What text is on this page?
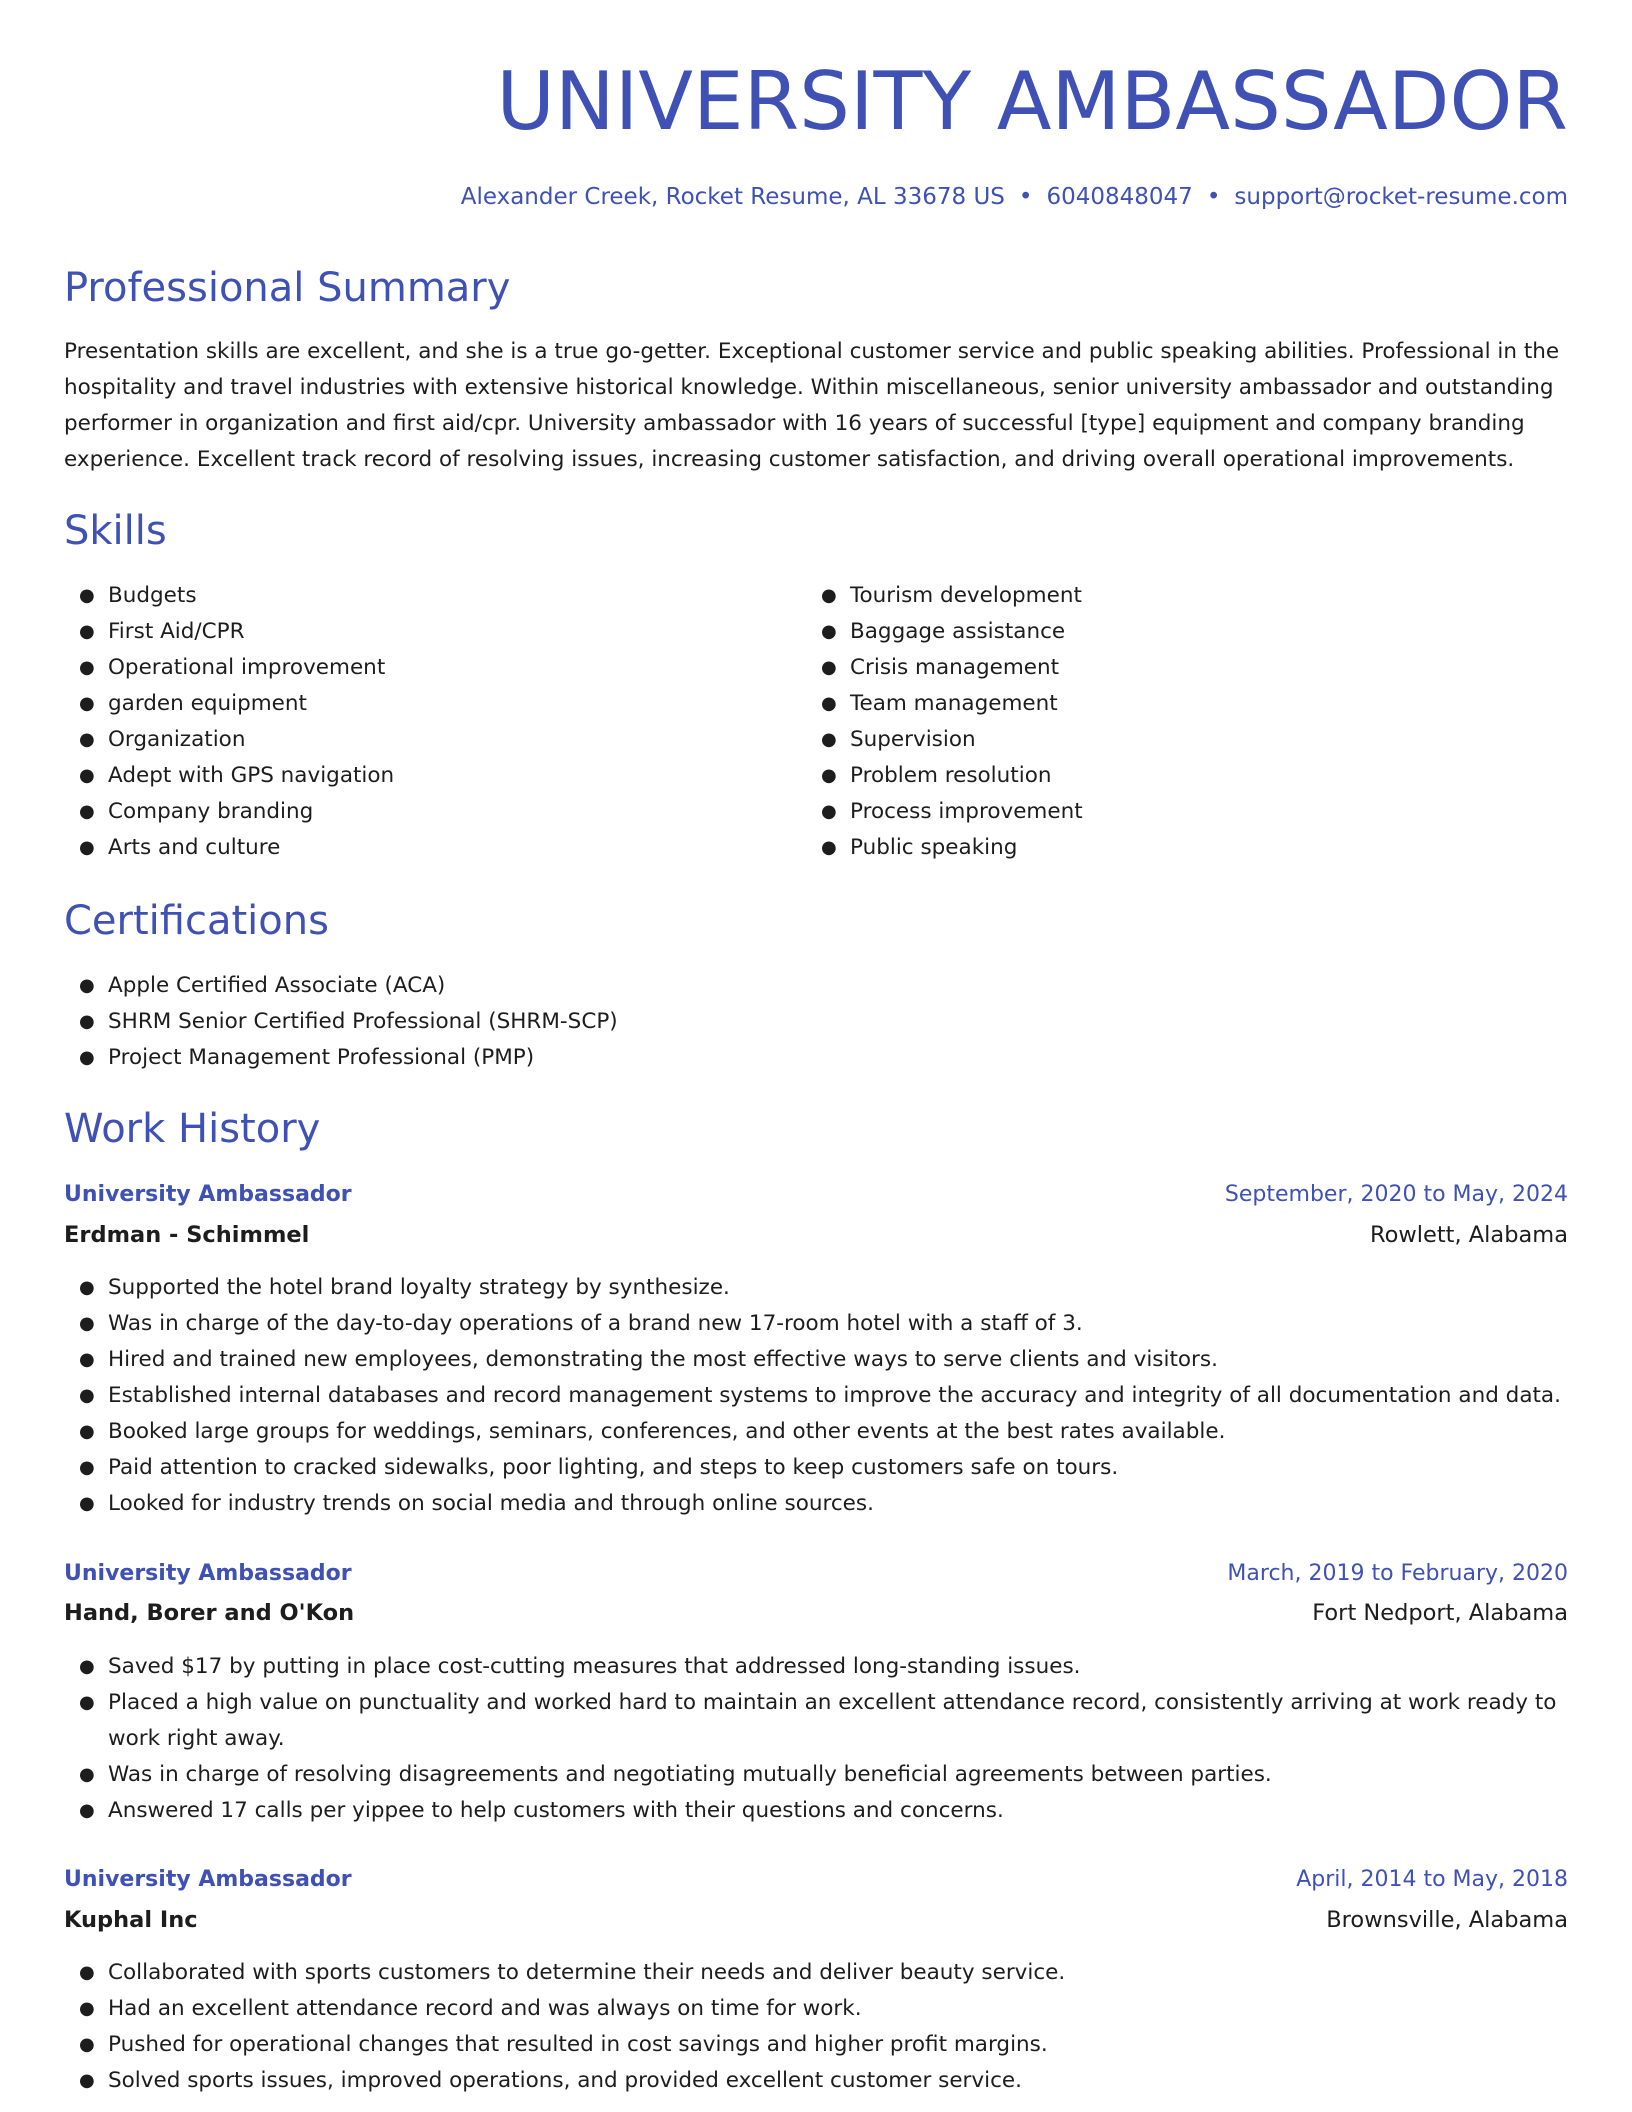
UNIVERSITY AMBASSADOR
Alexander Creek, Rocket Resume, AL 33678 US • 6040848047 • support@rocket-resume.com
Professional Summary

Presentation skills are excellent, and she is a true go-getter. Exceptional customer service and public speaking abilities. Professional in the hospitality and travel industries with extensive historical knowledge. Within miscellaneous, senior university ambassador and outstanding performer in organization and first aid/cpr. University ambassador with 16 years of successful [type] equipment and company branding experience. Excellent track record of resolving issues, increasing customer satisfaction, and driving overall operational improvements.

Skills
● Budgets
● First Aid/CPR
● Operational improvement
● garden equipment
● Organization
● Adept with GPS navigation
● Company branding
● Arts and culture
● Tourism development
● Baggage assistance
● Crisis management
● Team management
● Supervision
● Problem resolution
● Process improvement
● Public speaking
Certifications
● Apple Certified Associate (ACA)
● SHRM Senior Certified Professional (SHRM-SCP)
● Project Management Professional (PMP)
Work History
University Ambassador	September, 2020 to May, 2024
Erdman - Schimmel	Rowlett, Alabama
● Supported the hotel brand loyalty strategy by synthesize.
● Was in charge of the day-to-day operations of a brand new 17-room hotel with a staff of 3.
● Hired and trained new employees, demonstrating the most effective ways to serve clients and visitors.
● Established internal databases and record management systems to improve the accuracy and integrity of all documentation and data.
● Booked large groups for weddings, seminars, conferences, and other events at the best rates available.
● Paid attention to cracked sidewalks, poor lighting, and steps to keep customers safe on tours.
● Looked for industry trends on social media and through online sources.
University Ambassador	March, 2019 to February, 2020
Hand, Borer and O'Kon	Fort Nedport, Alabama
● Saved $17 by putting in place cost-cutting measures that addressed long-standing issues.
● Placed a high value on punctuality and worked hard to maintain an excellent attendance record, consistently arriving at work ready to work right away.
● Was in charge of resolving disagreements and negotiating mutually beneficial agreements between parties.
● Answered 17 calls per yippee to help customers with their questions and concerns.
University Ambassador	April, 2014 to May, 2018
Kuphal Inc	Brownsville, Alabama
● Collaborated with sports customers to determine their needs and deliver beauty service.
● Had an excellent attendance record and was always on time for work.
● Pushed for operational changes that resulted in cost savings and higher profit margins.
● Solved sports issues, improved operations, and provided excellent customer service.
